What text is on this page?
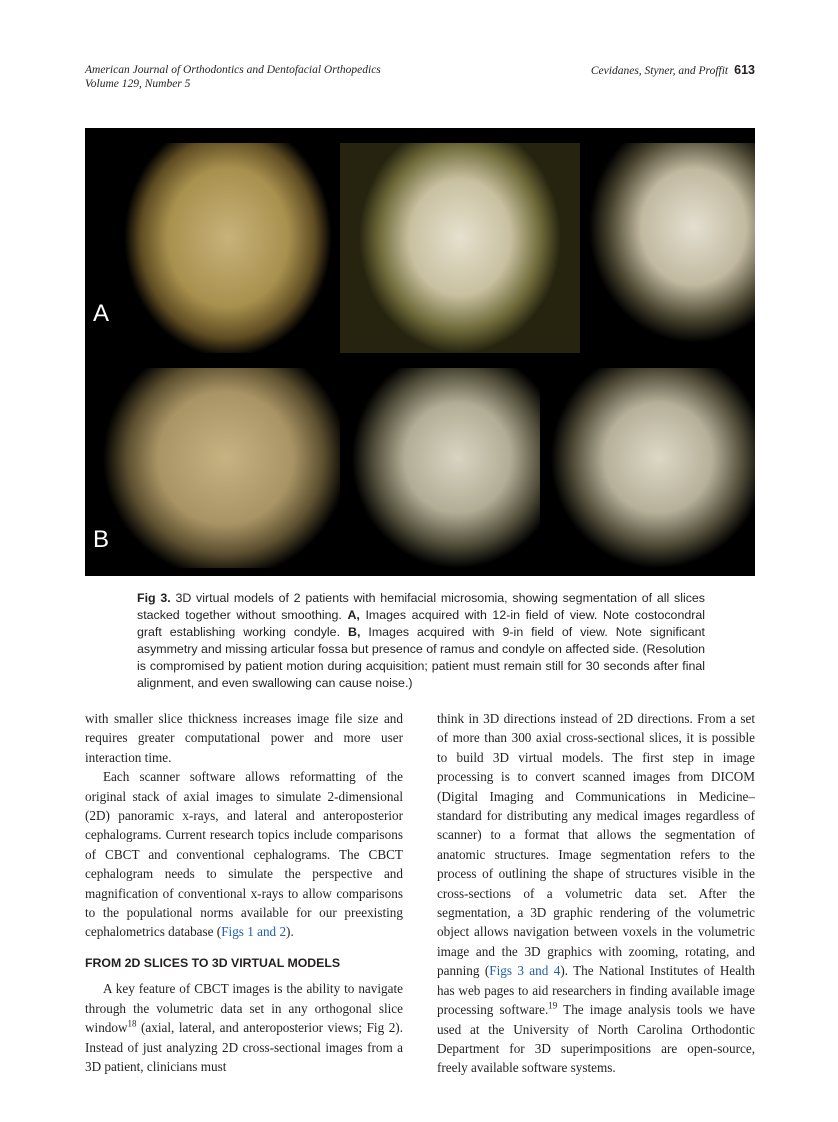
American Journal of Orthodontics and Dentofacial Orthopedics
Volume 129, Number 5
Cevidanes, Styner, and Proffit 613
A
B
Fig 3. 3D virtual models of 2 patients with hemifacial microsomia, showing segmentation of all slices stacked together without smoothing. A, Images acquired with 12-in field of view. Note costocondral graft establishing working condyle. B, Images acquired with 9-in field of view. Note significant asymmetry and missing articular fossa but presence of ramus and condyle on affected side. (Resolution is compromised by patient motion during acquisition; patient must remain still for 30 seconds after final alignment, and even swallowing can cause noise.)

with smaller slice thickness increases image file size and requires greater computational power and more user interaction time.

Each scanner software allows reformatting of the original stack of axial images to simulate 2-dimensional (2D) panoramic x-rays, and lateral and anteroposterior cephalograms. Current research topics include comparisons of CBCT and conventional cephalograms. The CBCT cephalogram needs to simulate the perspective and magnification of conventional x-rays to allow comparisons to the populational norms available for our preexisting cephalometrics database (Figs 1 and 2).

FROM 2D SLICES TO 3D VIRTUAL MODELS

A key feature of CBCT images is the ability to navigate through the volumetric data set in any orthogonal slice window$^{18}$ (axial, lateral, and anteroposterior views; Fig 2). Instead of just analyzing 2D cross-sectional images from a 3D patient, clinicians must

think in 3D directions instead of 2D directions. From a set of more than 300 axial cross-sectional slices, it is possible to build 3D virtual models. The first step in image processing is to convert scanned images from DICOM (Digital Imaging and Communications in Medicine–standard for distributing any medical images regardless of scanner) to a format that allows the segmentation of anatomic structures. Image segmentation refers to the process of outlining the shape of structures visible in the cross-sections of a volumetric data set. After the segmentation, a 3D graphic rendering of the volumetric object allows navigation between voxels in the volumetric image and the 3D graphics with zooming, rotating, and panning (Figs 3 and 4). The National Institutes of Health has web pages to aid researchers in finding available image processing software.$^{19}$ The image analysis tools we have used at the University of North Carolina Orthodontic Department for 3D superimpositions are open-source, freely available software systems.
